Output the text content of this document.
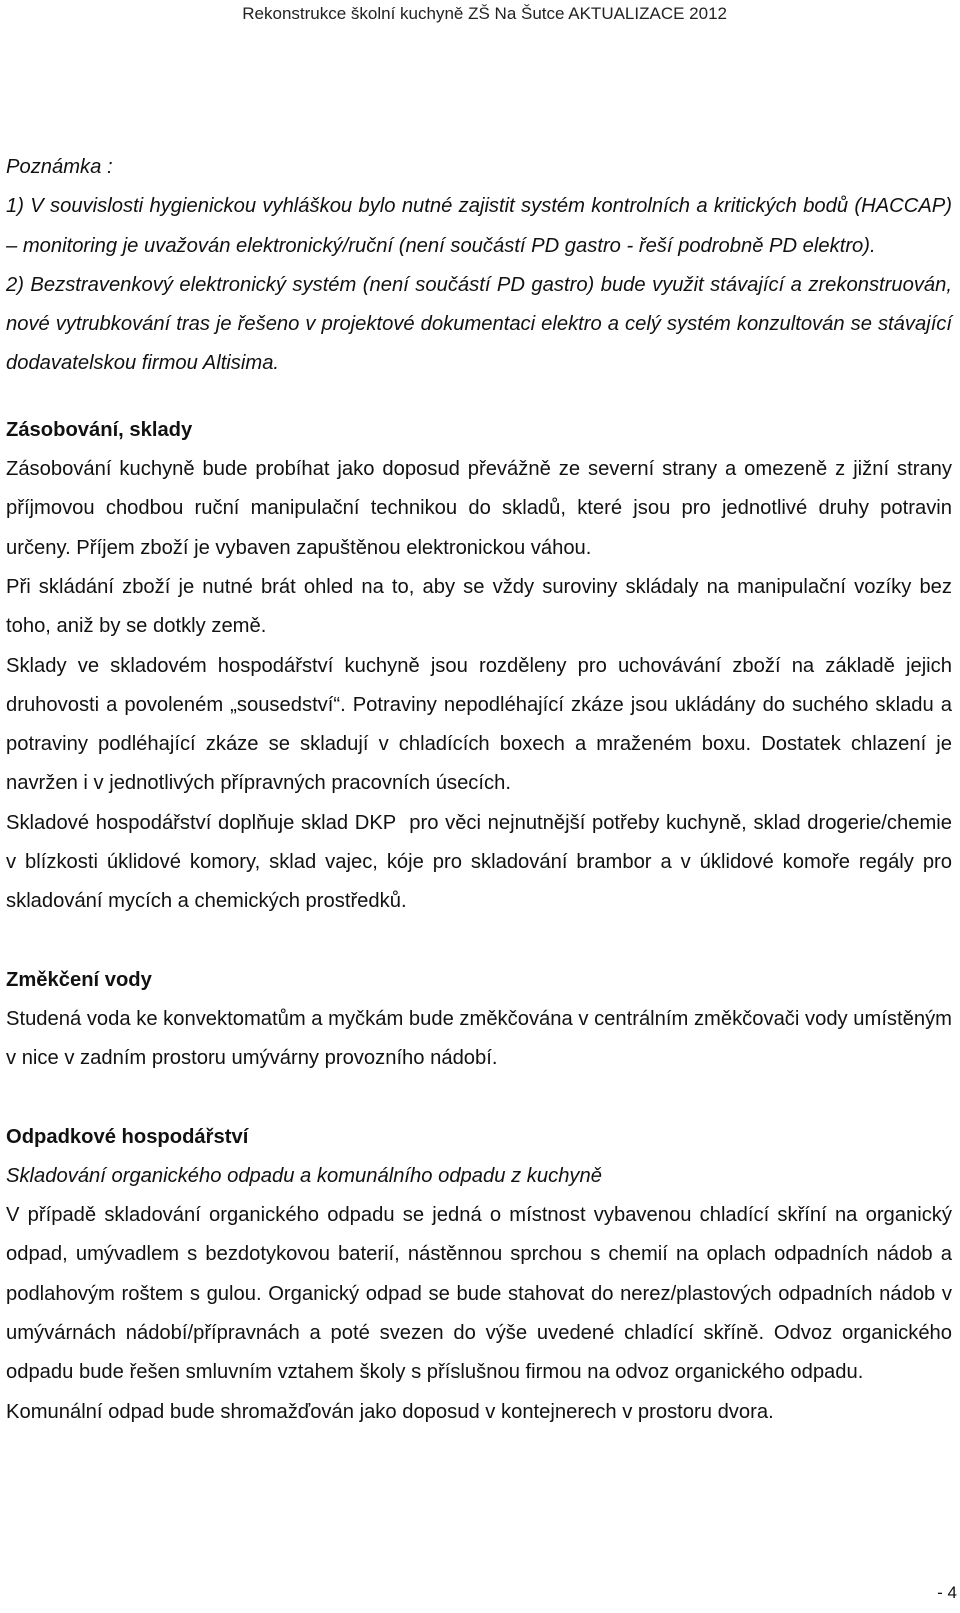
Rekonstrukce školní kuchyně ZŠ Na Šutce AKTUALIZACE 2012

Poznámka :

1) V souvislosti hygienickou vyhláškou bylo nutné zajistit systém kontrolních a kritických bodů (HACCAP) – monitoring je uvažován elektronický/ruční (není součástí PD gastro - řeší podrobně PD elektro).

2) Bezstravenkový elektronický systém (není součástí PD gastro) bude využit stávající a zrekonstruován, nové vytrubkování tras je řešeno v projektové dokumentaci elektro a celý systém konzultován se stávající dodavatelskou firmou Altisima.

Zásobování, sklady

Zásobování kuchyně bude probíhat jako doposud převážně ze severní strany a omezeně z jižní strany příjmovou chodbou ruční manipulační technikou do skladů, které jsou pro jednotlivé druhy potravin určeny. Příjem zboží je vybaven zapuštěnou elektronickou váhou.

Při skládání zboží je nutné brát ohled na to, aby se vždy suroviny skládaly na manipulační vozíky bez toho, aniž by se dotkly země.

Sklady ve skladovém hospodářství kuchyně jsou rozděleny pro uchovávání zboží na základě jejich druhovosti a povoleném „sousedství“. Potraviny nepodléhající zkáze jsou ukládány do suchého skladu a potraviny podléhající zkáze se skladují v chladících boxech a mraženém boxu. Dostatek chlazení je navržen i v jednotlivých přípravných pracovních úsecích.

Skladové hospodářství doplňuje sklad DKP  pro věci nejnutnější potřeby kuchyně, sklad drogerie/chemie v blízkosti úklidové komory, sklad vajec, kóje pro skladování brambor a v úklidové komoře regály pro skladování mycích a chemických prostředků.

Změkčení vody

Studená voda ke konvektomatům a myčkám bude změkčována v centrálním změkčovači vody umístěným v nice v zadním prostoru umývárny provozního nádobí.

Odpadkové hospodářství

Skladování organického odpadu a komunálního odpadu z kuchyně

V případě skladování organického odpadu se jedná o místnost vybavenou chladící skříní na organický odpad, umývadlem s bezdotykovou baterií, nástěnnou sprchou s chemií na oplach odpadních nádob a podlahovým roštem s gulou. Organický odpad se bude stahovat do nerez/plastových odpadních nádob v umývárnách nádobí/přípravnách a poté svezen do výše uvedené chladící skříně. Odvoz organického odpadu bude řešen smluvním vztahem školy s příslušnou firmou na odvoz organického odpadu.

Komunální odpad bude shromažďován jako doposud v kontejnerech v prostoru dvora.

- 4
